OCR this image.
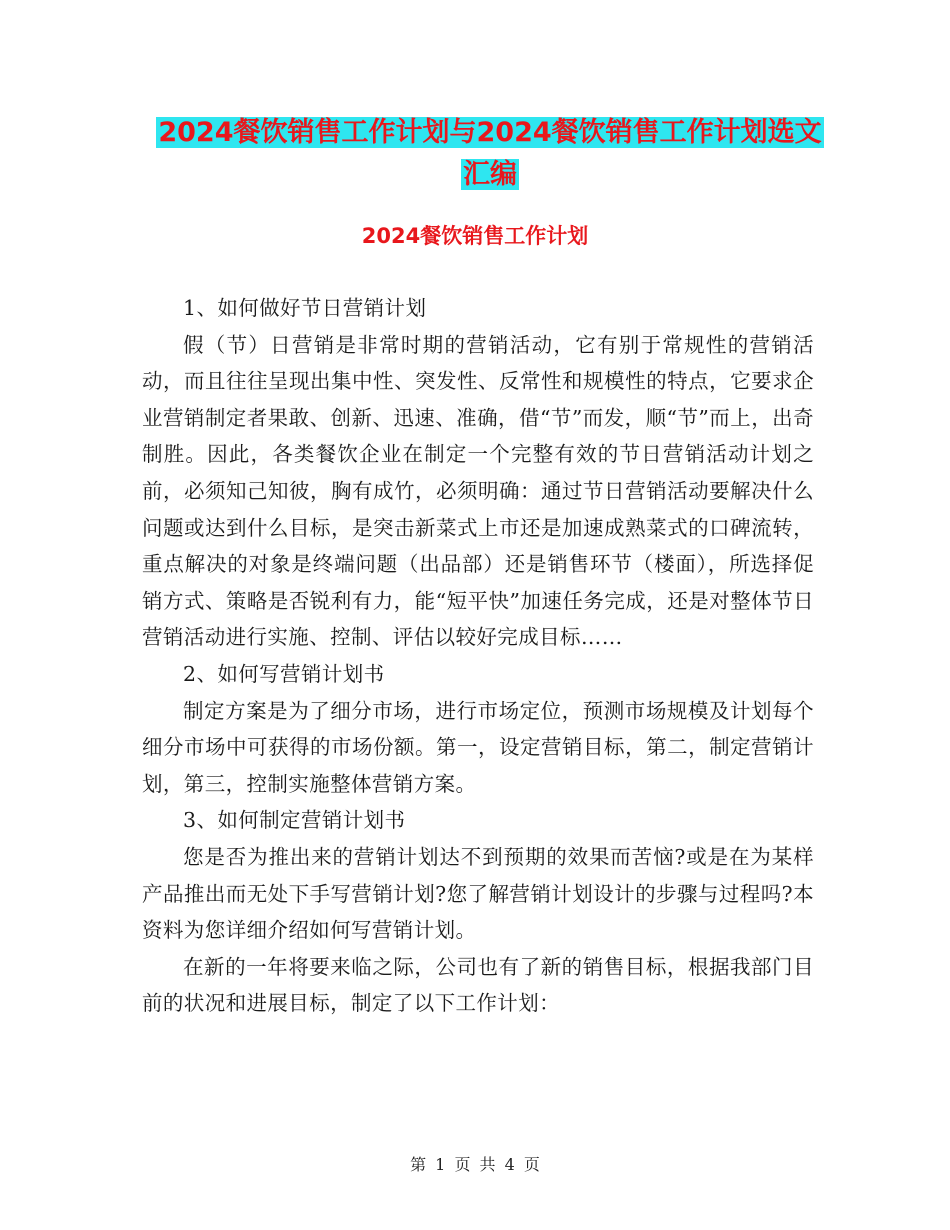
2024餐饮销售工作计划与2024餐饮销售工作计划选文
汇编
2024餐饮销售工作计划

1、如何做好节日营销计划

假（节）日营销是非常时期的营销活动，它有别于常规性的营销活动，而且往往呈现出集中性、突发性、反常性和规模性的特点，它要求企业营销制定者果敢、创新、迅速、准确，借“节”而发，顺“节”而上，出奇制胜。因此，各类餐饮企业在制定一个完整有效的节日营销活动计划之前，必须知己知彼，胸有成竹，必须明确：通过节日营销活动要解决什么问题或达到什么目标，是突击新菜式上市还是加速成熟菜式的口碑流转，重点解决的对象是终端问题（出品部）还是销售环节（楼面），所选择促销方式、策略是否锐利有力，能“短平快”加速任务完成，还是对整体节日营销活动进行实施、控制、评估以较好完成目标……

2、如何写营销计划书

制定方案是为了细分市场，进行市场定位，预测市场规模及计划每个细分市场中可获得的市场份额。第一，设定营销目标，第二，制定营销计划，第三，控制实施整体营销方案。

3、如何制定营销计划书

您是否为推出来的营销计划达不到预期的效果而苦恼?或是在为某样产品推出而无处下手写营销计划?您了解营销计划设计的步骤与过程吗?本资料为您详细介绍如何写营销计划。

在新的一年将要来临之际，公司也有了新的销售目标，根据我部门目前的状况和进展目标，制定了以下工作计划：

第 1 页 共 4 页
